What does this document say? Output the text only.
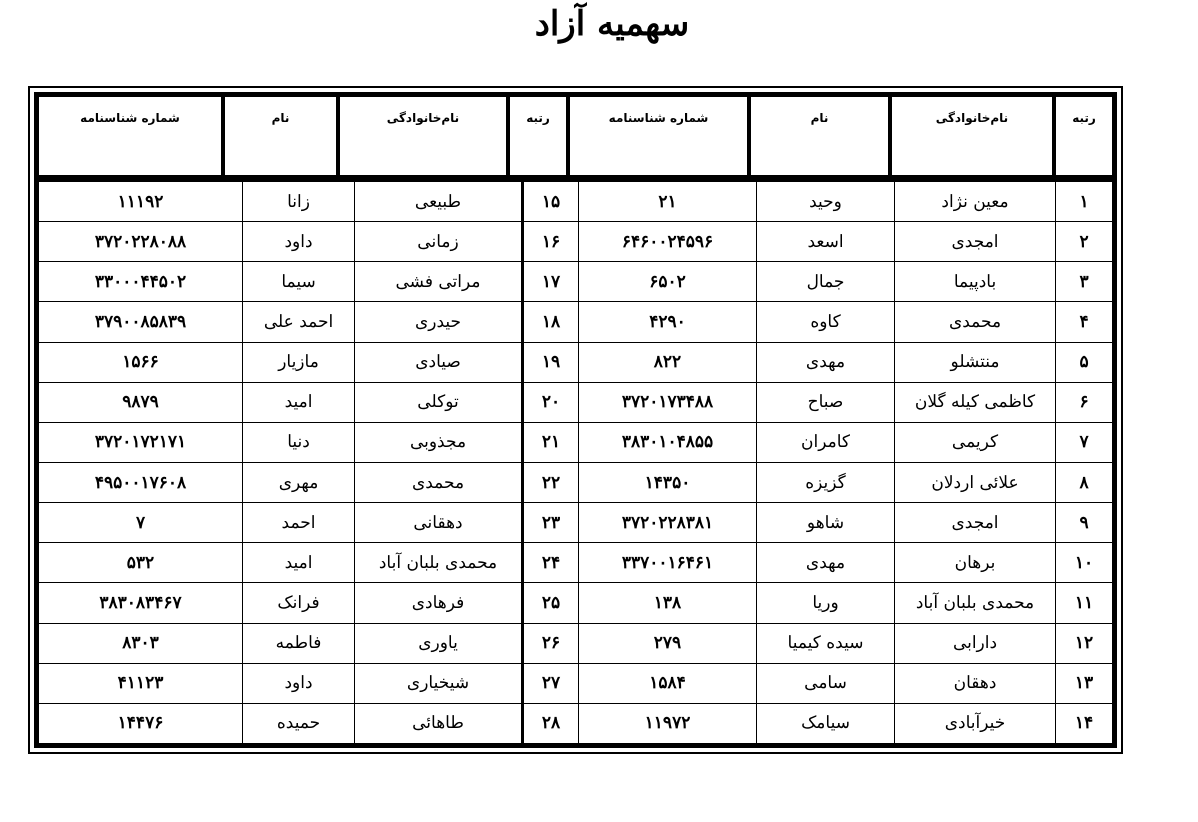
سهمیه آزاد
رتبه
نام‌خانوادگی
نام
شماره شناسنامه
رتبه
نام‌خانوادگی
نام
شماره شناسنامه
۱
معین نژاد
وحید
۲۱
۱۵
طبیعی
زانا
۱۱۱۹۲
۲
امجدی
اسعد
۶۴۶۰۰۲۴۵۹۶
۱۶
زمانی
داود
۳۷۲۰۲۲۸۰۸۸
۳
بادپیما
جمال
۶۵۰۲
۱۷
مراتی فشی
سیما
۳۳۰۰۰۴۴۵۰۲
۴
محمدی
کاوه
۴۲۹۰
۱۸
حیدری
احمد علی
۳۷۹۰۰۸۵۸۳۹
۵
منتشلو
مهدی
۸۲۲
۱۹
صیادی
مازیار
۱۵۶۶
۶
کاظمی کیله گلان
صباح
۳۷۲۰۱۷۳۴۸۸
۲۰
توکلی
امید
۹۸۷۹
۷
کریمی
کامران
۳۸۳۰۱۰۴۸۵۵
۲۱
مجذوبی
دنیا
۳۷۲۰۱۷۲۱۷۱
۸
علائی اردلان
گزیزه
۱۴۳۵۰
۲۲
محمدی
مهری
۴۹۵۰۰۱۷۶۰۸
۹
امجدی
شاهو
۳۷۲۰۲۲۸۳۸۱
۲۳
دهقانی
احمد
۷
۱۰
برهان
مهدی
۳۳۷۰۰۱۶۴۶۱
۲۴
محمدی بلبان آباد
امید
۵۳۲
۱۱
محمدی بلبان آباد
وریا
۱۳۸
۲۵
فرهادی
فرانک
۳۸۳۰۸۳۴۶۷
۱۲
دارابی
سیده کیمیا
۲۷۹
۲۶
یاوری
فاطمه
۸۳۰۳
۱۳
دهقان
سامی
۱۵۸۴
۲۷
شیخیاری
داود
۴۱۱۲۳
۱۴
خیرآبادی
سیامک
۱۱۹۷۲
۲۸
طاهائی
حمیده
۱۴۴۷۶
